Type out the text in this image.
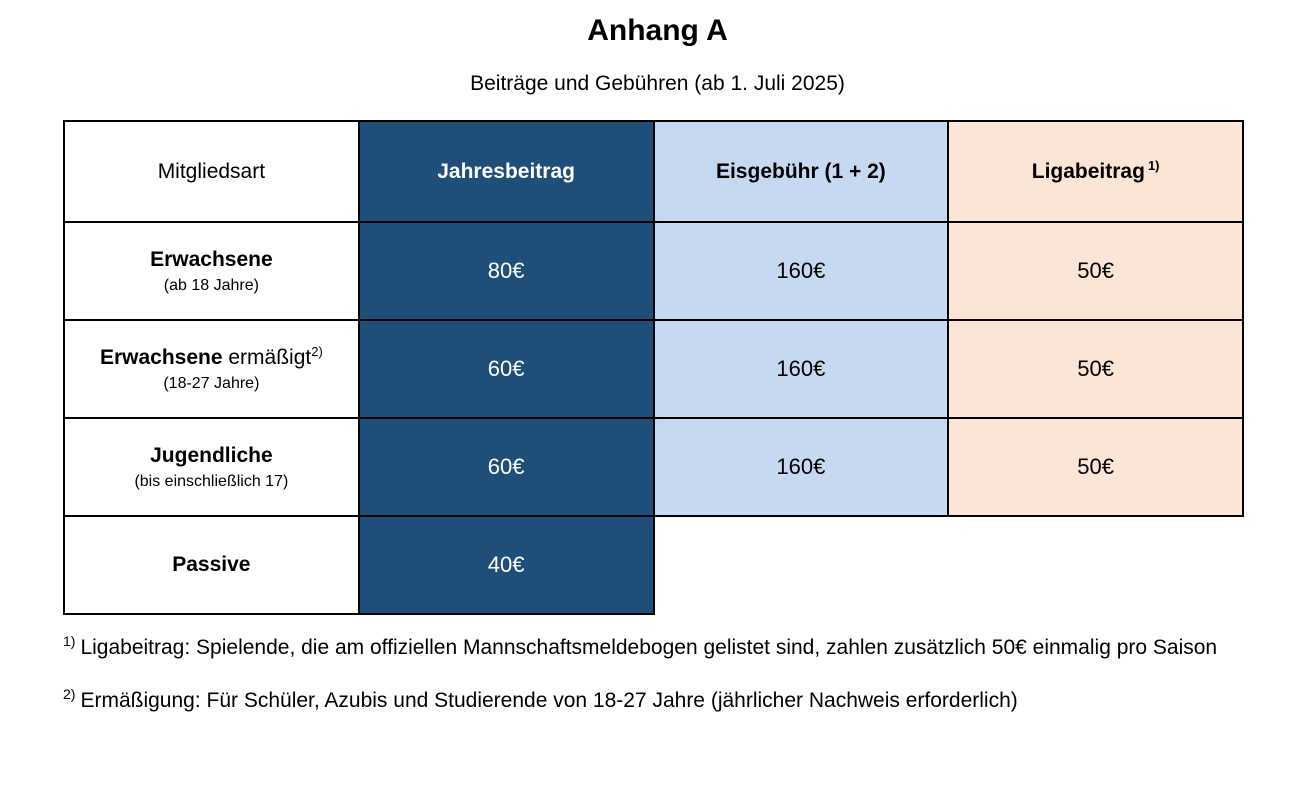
Anhang A
Beiträge und Gebühren (ab 1. Juli 2025)
Mitgliedsart	Jahresbeitrag	Eisgebühr (1 + 2)	Ligabeitrag $^{1)}$

Erwachsene
(ab 18 Jahre)	80€	160€	50€

Erwachsene ermäßigt$^{2)}$
(18-27 Jahre)	60€	160€	50€

Jugendliche
(bis einschließlich 17)	60€	160€	50€

Passive	40€		
$^{1)}$ Ligabeitrag: Spielende, die am offiziellen Mannschaftsmeldebogen gelistet sind, zahlen zusätzlich 50€ einmalig pro Saison
$^{2)}$ Ermäßigung: Für Schüler, Azubis und Studierende von 18-27 Jahre (jährlicher Nachweis erforderlich)
